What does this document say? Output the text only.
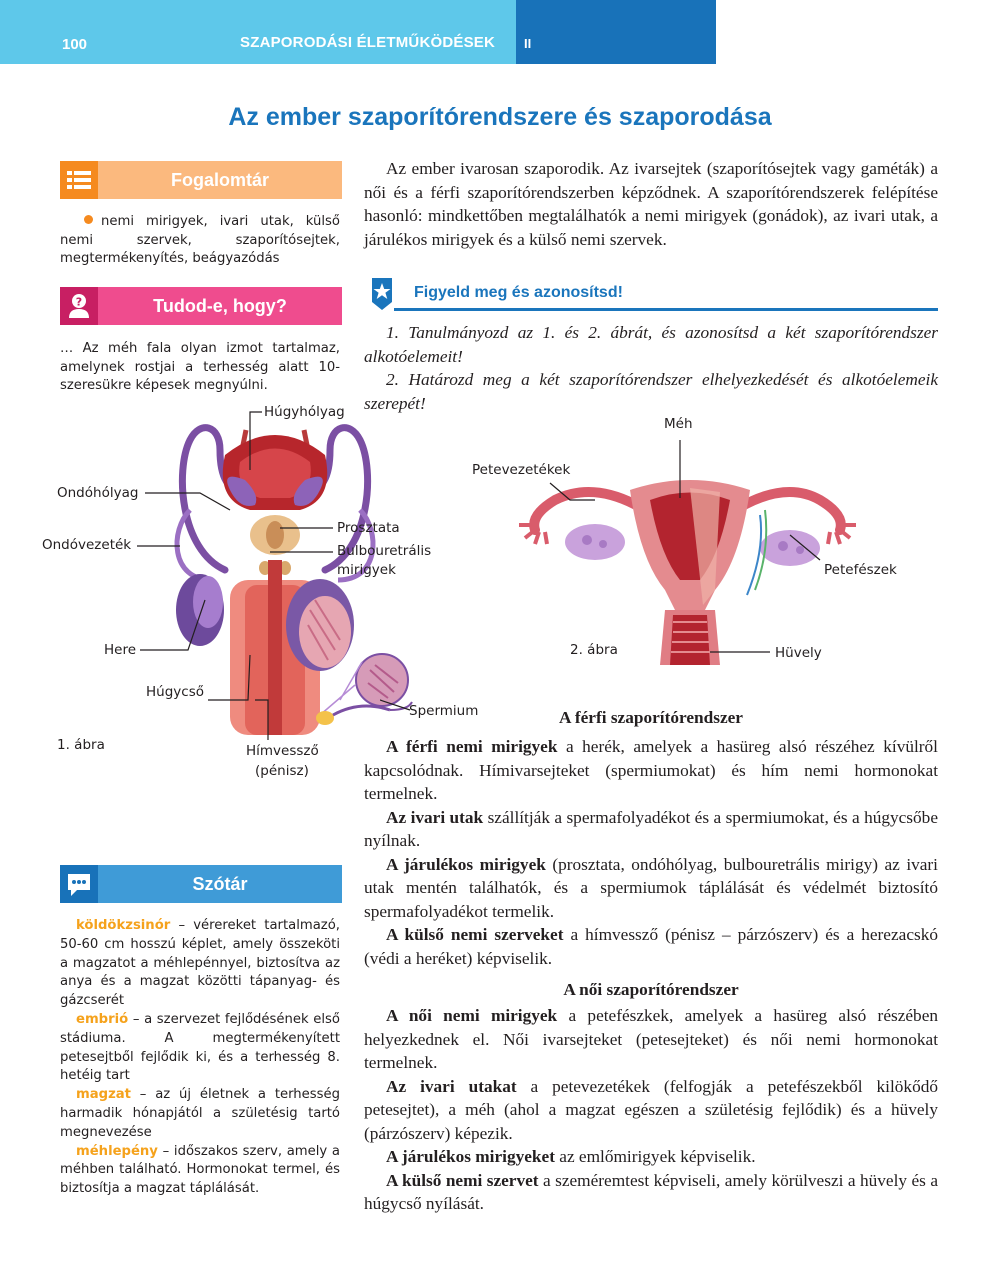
100	SZAPORODÁSI ÉLETMŰKÖDÉSEK II
Az ember szaporítórendszere és szaporodása
Fogalomtár
nemi mirigyek, ivari utak, külső nemi szervek, szaporítósejtek, megtermékenyítés, beágyazódás
?	Tudod-e, hogy?
… Az méh fala olyan izmot tartalmaz, amelynek rostjai a terhesség alatt 10-szeresükre képesek megnyúlni.

Az ember ivarosan szaporodik. Az ivarsejtek (szaporítósejtek vagy gaméták) a női és a férfi szaporítórendszerben képződnek. A szaporítórendszerek felépítése hasonló: mindkettőben megtalálhatók a nemi mirigyek (gonádok), az ivari utak, a járulékos mirigyek és a külső nemi szervek.

Figyeld meg és azonosítsd!

1. Tanulmányozd az 1. és 2. ábrát, és azonosítsd a két szaporítórendszer alkotóelemeit!

2. Határozd meg a két szaporítórendszer elhelyezkedését és alkotóelemeik szerepét!

Húgyhólyag
Ondóhólyag
Ondóvezeték
Prosztata
Bulbouretrális
mirigyek
Here
Húgycső
Hímvessző
(pénisz)
Spermium
1. ábra
Méh
Petevezetékek
Petefészek
Hüvely
2. ábra
A férfi szaporítórendszer

A férfi nemi mirigyek a herék, amelyek a hasüreg alsó részéhez kívülről kapcsolódnak. Hímivarsejteket (spermiumokat) és hím nemi hormonokat termelnek.

Az ivari utak szállítják a spermafolyadékot és a spermiumokat, és a húgycsőbe nyílnak.

A járulékos mirigyek (prosztata, ondóhólyag, bulbouretrális mirigy) az ivari utak mentén találhatók, és a spermiumok táplálását és védelmét biztosító spermafolyadékot termelik.

A külső nemi szerveket a hímvessző (pénisz – párzószerv) és a herezacskó (védi a heréket) képviselik.

A női szaporítórendszer

A női nemi mirigyek a petefészkek, amelyek a hasüreg alsó részében helyezkednek el. Női ivarsejteket (petesejteket) és női nemi hormonokat termelnek.

Az ivari utakat a petevezetékek (felfogják a petefészekből kilökődő petesejtet), a méh (ahol a magzat egészen a születésig fejlődik) és a hüvely (párzószerv) képezik.

A járulékos mirigyeket az emlőmirigyek képviselik.

A külső nemi szervet a szeméremtest képviseli, amely körülveszi a hüvely és a húgycső nyílását.

Szótár

köldökzsinór – vérereket tartalmazó, 50-60 cm hosszú képlet, amely összeköti a magzatot a méhlepénnyel, biztosítva az anya és a magzat közötti tápanyag- és gázcserét

embrió – a szervezet fejlődésének első stádiuma. A megtermékenyített petesejtből fejlődik ki, és a terhesség 8. hetéig tart

magzat – az új életnek a terhesség harmadik hónapjától a születésig tartó megnevezése

méhlepény – időszakos szerv, amely a méhben található. Hormonokat termel, és biztosítja a magzat táplálását.
